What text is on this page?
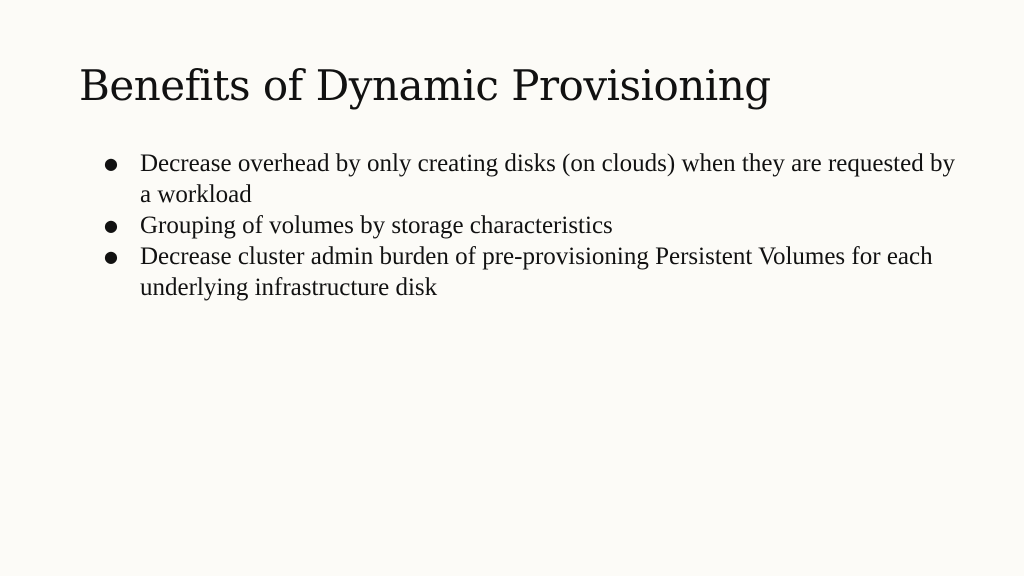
Benefits of Dynamic Provisioning
● Decrease overhead by only creating disks (on clouds) when they are requested by a workload
● Grouping of volumes by storage characteristics
● Decrease cluster admin burden of pre-provisioning Persistent Volumes for each underlying infrastructure disk
